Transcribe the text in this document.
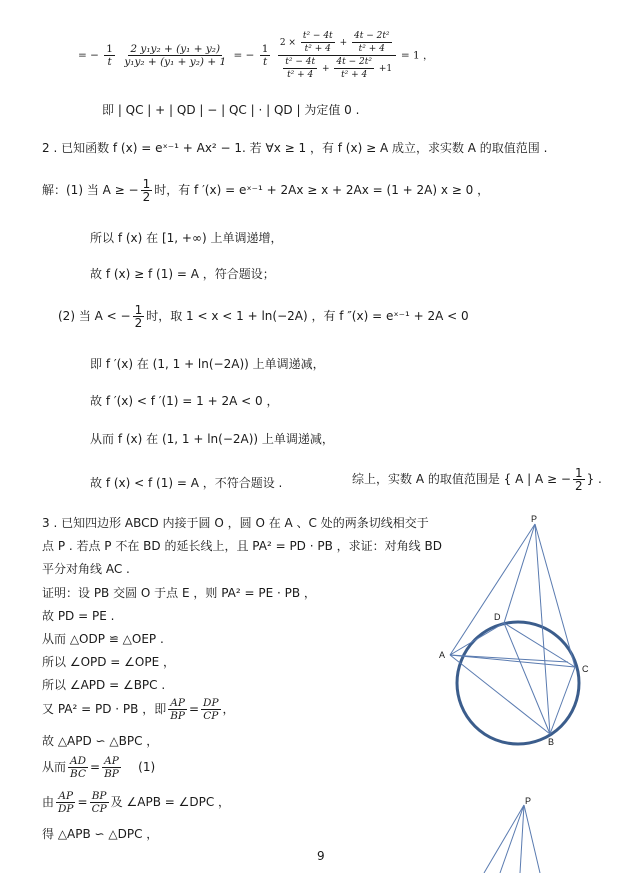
= − $\frac{1}{t}$
$\frac{\text{2 y₁y₂ + (y₁ + y₂)}}{\text{y₁y₂ + (y₁ + y₂) + 1}}$ = − $\frac{1}{t}$
$\frac{2 \times \frac{\text{t² − 4t}}{\text{t² + 4}} + \frac{\text{4t − 2t²}}{\text{t² + 4}}}{\frac{\text{t² − 4t}}{\text{t² + 4}} + \frac{\text{4t − 2t²}}{\text{t² + 4}} +1} = 1$ ，
即 | QC | + | QD | − | QC | · | QD | 为定值 0 .
2 . 已知函数 f (x) = eˣ⁻¹ + Ax² − 1. 若 ∀x ≥ 1 ，有 f (x) ≥ A 成立，求实数 A 的取值范围 .
解：(1) 当 A ≥ − $\frac{1}{2}$ 时，有 f ′(x) = eˣ⁻¹ + 2Ax ≥ x + 2Ax = (1 + 2A) x ≥ 0 ，
所以 f (x) 在 [1, +∞) 上单调递增，
故 f (x) ≥ f (1) = A ，符合题设；
(2) 当 A < − $\frac{1}{2}$ 时，取 1 < x < 1 + ln(−2A) ，有 f ″(x) = eˣ⁻¹ + 2A < 0
即 f ′(x) 在 (1, 1 + ln(−2A)) 上单调递减，
故 f ′(x) < f ′(1) = 1 + 2A < 0 ，
从而 f (x) 在 (1, 1 + ln(−2A)) 上单调递减，
故 f (x) < f (1) = A ，不符合题设 .	综上，实数 A 的取值范围是 { A | A ≥ − $\frac{1}{2}$ } .
3 . 已知四边形 ABCD 内接于圆 O ，圆 O 在 A 、C 处的两条切线相交于
点 P . 若点 P 不在 BD 的延长线上，且 PA² = PD · PB ，求证：对角线 BD
平分对角线 AC .
证明：设 PB 交圆 O 于点 E ，则 PA² = PE · PB ，
故 PD = PE .
从而 △ODP ≌ △OEP .
所以 ∠OPD = ∠OPE ，
所以 ∠APD = ∠BPC .
又 PA² = PD · PB ，即 $\frac{AP}{BP} = \frac{DP}{CP}$ ，
故 △APD ∽ △BPC ，
从而 $\frac{AD}{BC} = \frac{AP}{BP} (1)$
由 $\frac{AP}{DP} = \frac{BP}{CP}$ 及 ∠APB = ∠DPC ，
得 △APB ∽ △DPC ，
9
P
D
A
C
B
P
